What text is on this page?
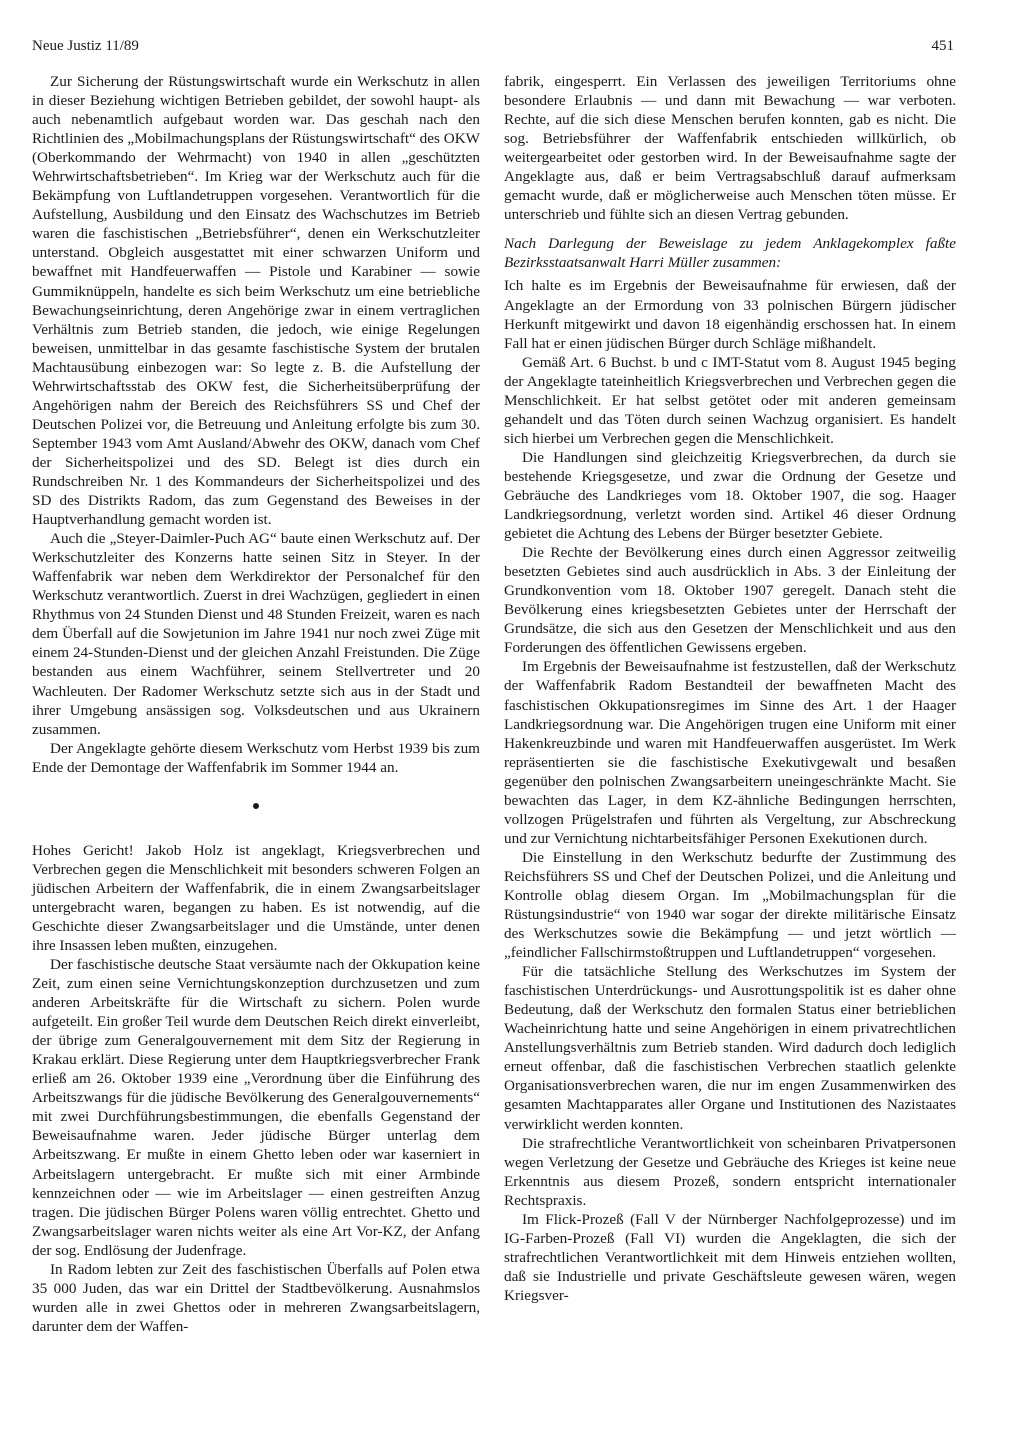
Neue Justiz 11/89	451

Zur Sicherung der Rüstungswirtschaft wurde ein Werkschutz in allen in dieser Beziehung wichtigen Betrieben gebildet, der sowohl haupt- als auch nebenamtlich aufgebaut worden war. Das geschah nach den Richtlinien des „Mobilmachungsplans der Rüstungswirtschaft“ des OKW (Oberkommando der Wehrmacht) von 1940 in allen „geschützten Wehrwirtschaftsbetrieben“. Im Krieg war der Werkschutz auch für die Bekämpfung von Luftlandetruppen vorgesehen. Verantwortlich für die Aufstellung, Ausbildung und den Einsatz des Wachschutzes im Betrieb waren die faschistischen „Betriebsführer“, denen ein Werkschutzleiter unterstand. Obgleich ausgestattet mit einer schwarzen Uniform und bewaffnet mit Handfeuerwaffen — Pistole und Karabiner — sowie Gummiknüppeln, handelte es sich beim Werkschutz um eine betriebliche Bewachungseinrichtung, deren Angehörige zwar in einem vertraglichen Verhältnis zum Betrieb standen, die jedoch, wie einige Regelungen beweisen, unmittelbar in das gesamte faschistische System der brutalen Machtausübung einbezogen war: So legte z. B. die Aufstellung der Wehrwirtschaftsstab des OKW fest, die Sicherheitsüberprüfung der Angehörigen nahm der Bereich des Reichsführers SS und Chef der Deutschen Polizei vor, die Betreuung und Anleitung erfolgte bis zum 30. September 1943 vom Amt Ausland/Abwehr des OKW, danach vom Chef der Sicherheitspolizei und des SD. Belegt ist dies durch ein Rundschreiben Nr. 1 des Kommandeurs der Sicherheitspolizei und des SD des Distrikts Radom, das zum Gegenstand des Beweises in der Hauptverhandlung gemacht worden ist.

Auch die „Steyer-Daimler-Puch AG“ baute einen Werkschutz auf. Der Werkschutzleiter des Konzerns hatte seinen Sitz in Steyer. In der Waffenfabrik war neben dem Werkdirektor der Personalchef für den Werkschutz verantwortlich. Zuerst in drei Wachzügen, gegliedert in einen Rhythmus von 24 Stunden Dienst und 48 Stunden Freizeit, waren es nach dem Überfall auf die Sowjetunion im Jahre 1941 nur noch zwei Züge mit einem 24-Stunden-Dienst und der gleichen Anzahl Freistunden. Die Züge bestanden aus einem Wachführer, seinem Stellvertreter und 20 Wachleuten. Der Radomer Werkschutz setzte sich aus in der Stadt und ihrer Umgebung ansässigen sog. Volksdeutschen und aus Ukrainern zusammen.

Der Angeklagte gehörte diesem Werkschutz vom Herbst 1939 bis zum Ende der Demontage der Waffenfabrik im Sommer 1944 an.

Hohes Gericht! Jakob Holz ist angeklagt, Kriegsverbrechen und Verbrechen gegen die Menschlichkeit mit besonders schweren Folgen an jüdischen Arbeitern der Waffenfabrik, die in einem Zwangsarbeitslager untergebracht waren, begangen zu haben. Es ist notwendig, auf die Geschichte dieser Zwangsarbeitslager und die Umstände, unter denen ihre Insassen leben mußten, einzugehen.

Der faschistische deutsche Staat versäumte nach der Okkupation keine Zeit, zum einen seine Vernichtungskonzeption durchzusetzen und zum anderen Arbeitskräfte für die Wirtschaft zu sichern. Polen wurde aufgeteilt. Ein großer Teil wurde dem Deutschen Reich direkt einverleibt, der übrige zum Generalgouvernement mit dem Sitz der Regierung in Krakau erklärt. Diese Regierung unter dem Hauptkriegsverbrecher Frank erließ am 26. Oktober 1939 eine „Verordnung über die Einführung des Arbeitszwangs für die jüdische Bevölkerung des Generalgouvernements“ mit zwei Durchführungsbestimmungen, die ebenfalls Gegenstand der Beweisaufnahme waren. Jeder jüdische Bürger unterlag dem Arbeitszwang. Er mußte in einem Ghetto leben oder war kaserniert in Arbeitslagern untergebracht. Er mußte sich mit einer Armbinde kennzeichnen oder — wie im Arbeitslager — einen gestreiften Anzug tragen. Die jüdischen Bürger Polens waren völlig entrechtet. Ghetto und Zwangsarbeitslager waren nichts weiter als eine Art Vor-KZ, der Anfang der sog. Endlösung der Judenfrage.

In Radom lebten zur Zeit des faschistischen Überfalls auf Polen etwa 35 000 Juden, das war ein Drittel der Stadtbevölkerung. Ausnahmslos wurden alle in zwei Ghettos oder in mehreren Zwangsarbeitslagern, darunter dem der Waffen-

fabrik, eingesperrt. Ein Verlassen des jeweiligen Territoriums ohne besondere Erlaubnis — und dann mit Bewachung — war verboten. Rechte, auf die sich diese Menschen berufen konnten, gab es nicht. Die sog. Betriebsführer der Waffenfabrik entschieden willkürlich, ob weitergearbeitet oder gestorben wird. In der Beweisaufnahme sagte der Angeklagte aus, daß er beim Vertragsabschluß darauf aufmerksam gemacht wurde, daß er möglicherweise auch Menschen töten müsse. Er unterschrieb und fühlte sich an diesen Vertrag gebunden.

Nach Darlegung der Beweislage zu jedem Anklagekomplex faßte Bezirksstaatsanwalt Harri Müller zusammen:

Ich halte es im Ergebnis der Beweisaufnahme für erwiesen, daß der Angeklagte an der Ermordung von 33 polnischen Bürgern jüdischer Herkunft mitgewirkt und davon 18 eigenhändig erschossen hat. In einem Fall hat er einen jüdischen Bürger durch Schläge mißhandelt.

Gemäß Art. 6 Buchst. b und c IMT-Statut vom 8. August 1945 beging der Angeklagte tateinheitlich Kriegsverbrechen und Verbrechen gegen die Menschlichkeit. Er hat selbst getötet oder mit anderen gemeinsam gehandelt und das Töten durch seinen Wachzug organisiert. Es handelt sich hierbei um Verbrechen gegen die Menschlichkeit.

Die Handlungen sind gleichzeitig Kriegsverbrechen, da durch sie bestehende Kriegsgesetze, und zwar die Ordnung der Gesetze und Gebräuche des Landkrieges vom 18. Oktober 1907, die sog. Haager Landkriegsordnung, verletzt worden sind. Artikel 46 dieser Ordnung gebietet die Achtung des Lebens der Bürger besetzter Gebiete.

Die Rechte der Bevölkerung eines durch einen Aggressor zeitweilig besetzten Gebietes sind auch ausdrücklich in Abs. 3 der Einleitung der Grundkonvention vom 18. Oktober 1907 geregelt. Danach steht die Bevölkerung eines kriegsbesetzten Gebietes unter der Herrschaft der Grundsätze, die sich aus den Gesetzen der Menschlichkeit und aus den Forderungen des öffentlichen Gewissens ergeben.

Im Ergebnis der Beweisaufnahme ist festzustellen, daß der Werkschutz der Waffenfabrik Radom Bestandteil der bewaffneten Macht des faschistischen Okkupationsregimes im Sinne des Art. 1 der Haager Landkriegsordnung war. Die Angehörigen trugen eine Uniform mit einer Hakenkreuzbinde und waren mit Handfeuerwaffen ausgerüstet. Im Werk repräsentierten sie die faschistische Exekutivgewalt und besaßen gegenüber den polnischen Zwangsarbeitern uneingeschränkte Macht. Sie bewachten das Lager, in dem KZ-ähnliche Bedingungen herrschten, vollzogen Prügelstrafen und führten als Vergeltung, zur Abschreckung und zur Vernichtung nichtarbeitsfähiger Personen Exekutionen durch.

Die Einstellung in den Werkschutz bedurfte der Zustimmung des Reichsführers SS und Chef der Deutschen Polizei, und die Anleitung und Kontrolle oblag diesem Organ. Im „Mobilmachungsplan für die Rüstungsindustrie“ von 1940 war sogar der direkte militärische Einsatz des Werkschutzes sowie die Bekämpfung — und jetzt wörtlich — „feindlicher Fallschirmstoßtruppen und Luftlandetruppen“ vorgesehen.

Für die tatsächliche Stellung des Werkschutzes im System der faschistischen Unterdrückungs- und Ausrottungspolitik ist es daher ohne Bedeutung, daß der Werkschutz den formalen Status einer betrieblichen Wacheinrichtung hatte und seine Angehörigen in einem privatrechtlichen Anstellungsverhältnis zum Betrieb standen. Wird dadurch doch lediglich erneut offenbar, daß die faschistischen Verbrechen staatlich gelenkte Organisationsverbrechen waren, die nur im engen Zusammenwirken des gesamten Machtapparates aller Organe und Institutionen des Nazistaates verwirklicht werden konnten.

Die strafrechtliche Verantwortlichkeit von scheinbaren Privatpersonen wegen Verletzung der Gesetze und Gebräuche des Krieges ist keine neue Erkenntnis aus diesem Prozeß, sondern entspricht internationaler Rechtspraxis.

Im Flick-Prozeß (Fall V der Nürnberger Nachfolgeprozesse) und im IG-Farben-Prozeß (Fall VI) wurden die Angeklagten, die sich der strafrechtlichen Verantwortlichkeit mit dem Hinweis entziehen wollten, daß sie Industrielle und private Geschäftsleute gewesen wären, wegen Kriegsver-
